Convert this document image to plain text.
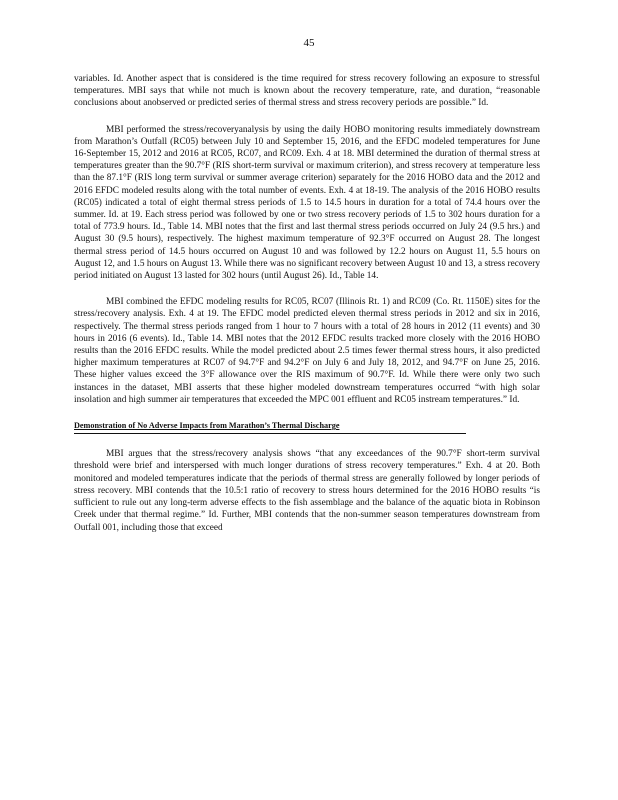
45

variables. Id. Another aspect that is considered is the time required for stress recovery following an exposure to stressful temperatures. MBI says that while not much is known about the recovery temperature, rate, and duration, “reasonable conclusions about anobserved or predicted series of thermal stress and stress recovery periods are possible.” Id.

MBI performed the stress/recoveryanalysis by using the daily HOBO monitoring results immediately downstream from Marathon’s Outfall (RC05) between July 10 and September 15, 2016, and the EFDC modeled temperatures for June 16-September 15, 2012 and 2016 at RC05, RC07, and RC09. Exh. 4 at 18. MBI determined the duration of thermal stress at temperatures greater than the 90.7°F (RIS short-term survival or maximum criterion), and stress recovery at temperature less than the 87.1°F (RIS long term survival or summer average criterion) separately for the 2016 HOBO data and the 2012 and 2016 EFDC modeled results along with the total number of events. Exh. 4 at 18-19. The analysis of the 2016 HOBO results (RC05) indicated a total of eight thermal stress periods of 1.5 to 14.5 hours in duration for a total of 74.4 hours over the summer. Id. at 19. Each stress period was followed by one or two stress recovery periods of 1.5 to 302 hours duration for a total of 773.9 hours. Id., Table 14. MBI notes that the first and last thermal stress periods occurred on July 24 (9.5 hrs.) and August 30 (9.5 hours), respectively. The highest maximum temperature of 92.3°F occurred on August 28. The longest thermal stress period of 14.5 hours occurred on August 10 and was followed by 12.2 hours on August 11, 5.5 hours on August 12, and 1.5 hours on August 13. While there was no significant recovery between August 10 and 13, a stress recovery period initiated on August 13 lasted for 302 hours (until August 26). Id., Table 14.

MBI combined the EFDC modeling results for RC05, RC07 (Illinois Rt. 1) and RC09 (Co. Rt. 1150E) sites for the stress/recovery analysis. Exh. 4 at 19. The EFDC model predicted eleven thermal stress periods in 2012 and six in 2016, respectively. The thermal stress periods ranged from 1 hour to 7 hours with a total of 28 hours in 2012 (11 events) and 30 hours in 2016 (6 events). Id., Table 14. MBI notes that the 2012 EFDC results tracked more closely with the 2016 HOBO results than the 2016 EFDC results. While the model predicted about 2.5 times fewer thermal stress hours, it also predicted higher maximum temperatures at RC07 of 94.7°F and 94.2°F on July 6 and July 18, 2012, and 94.7°F on June 25, 2016. These higher values exceed the 3°F allowance over the RIS maximum of 90.7°F. Id. While there were only two such instances in the dataset, MBI asserts that these higher modeled downstream temperatures occurred “with high solar insolation and high summer air temperatures that exceeded the MPC 001 effluent and RC05 instream temperatures.” Id.

Demonstration of No Adverse Impacts from Marathon’s Thermal Discharge

MBI argues that the stress/recovery analysis shows “that any exceedances of the 90.7°F short-term survival threshold were brief and interspersed with much longer durations of stress recovery temperatures.” Exh. 4 at 20. Both monitored and modeled temperatures indicate that the periods of thermal stress are generally followed by longer periods of stress recovery. MBI contends that the 10.5:1 ratio of recovery to stress hours determined for the 2016 HOBO results “is sufficient to rule out any long-term adverse effects to the fish assemblage and the balance of the aquatic biota in Robinson Creek under that thermal regime.” Id. Further, MBI contends that the non-summer season temperatures downstream from Outfall 001, including those that exceed
